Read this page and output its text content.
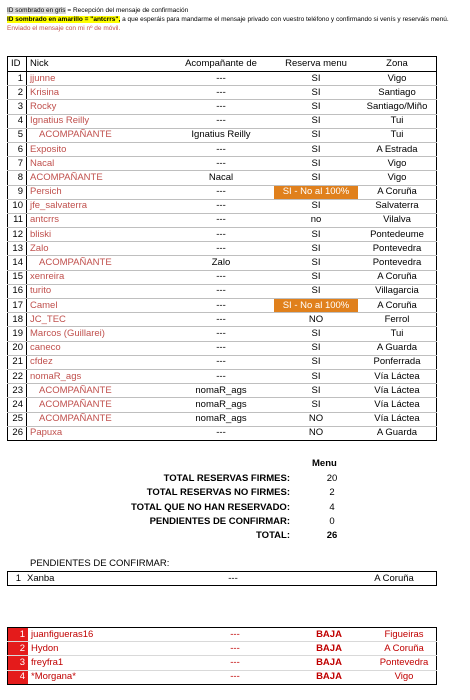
ID sombrado en gris = Recepción del mensaje de confirmación
ID sombrado en amarillo = "antcrrs", a que esperáis para mandarme el mensaje privado con vuestro teléfono y confirmando si venís y reserváis menú.
Enviado el mensaje con mi nº de móvil.
ID	Nick	Acompañante de	Reserva menu	Zona
1	jjunne	---	SI	Vigo
2	Krisina	---	SI	Santiago
3	Rocky	---	SI	Santiago/Miño
4	Ignatius Reilly	---	SI	Tui
5	ACOMPAÑANTE	Ignatius Reilly	SI	Tui
6	Exposito	---	SI	A Estrada
7	Nacal	---	SI	Vigo
8	ACOMPAÑANTE	Nacal	SI	Vigo
9	Persich	---	SI - No al 100%	A Coruña
10	jfe_salvaterra	---	SI	Salvaterra
11	antcrrs	---	no	Vilalva
12	bliski	---	SI	Pontedeume
13	Zalo	---	SI	Pontevedra
14	ACOMPAÑANTE	Zalo	SI	Pontevedra
15	xenreira	---	SI	A Coruña
16	turito	---	SI	Villagarcia
17	Camel	---	SI - No al 100%	A Coruña
18	JC_TEC	---	NO	Ferrol
19	Marcos (Guillarei)	---	SI	Tui
20	caneco	---	SI	A Guarda
21	cfdez	---	SI	Ponferrada
22	nomaR_ags	---	SI	Vía Láctea
23	ACOMPAÑANTE	nomaR_ags	SI	Vía Láctea
24	ACOMPAÑANTE	nomaR_ags	SI	Vía Láctea
25	ACOMPAÑANTE	nomaR_ags	NO	Vía Láctea
26	Papuxa	---	NO	A Guarda
Menu
TOTAL RESERVAS FIRMES:	20
TOTAL RESERVAS NO FIRMES:	2
TOTAL QUE NO HAN RESERVADO:	4
PENDIENTES DE CONFIRMAR:	0
TOTAL:	26
PENDIENTES DE CONFIRMAR:
1	Xanba	---		A Coruña
1	juanfigueras16	---	BAJA	Figueiras
2	Hydon	---	BAJA	A Coruña
3	freyfra1	---	BAJA	Pontevedra
4	*Morgana*	---	BAJA	Vigo
